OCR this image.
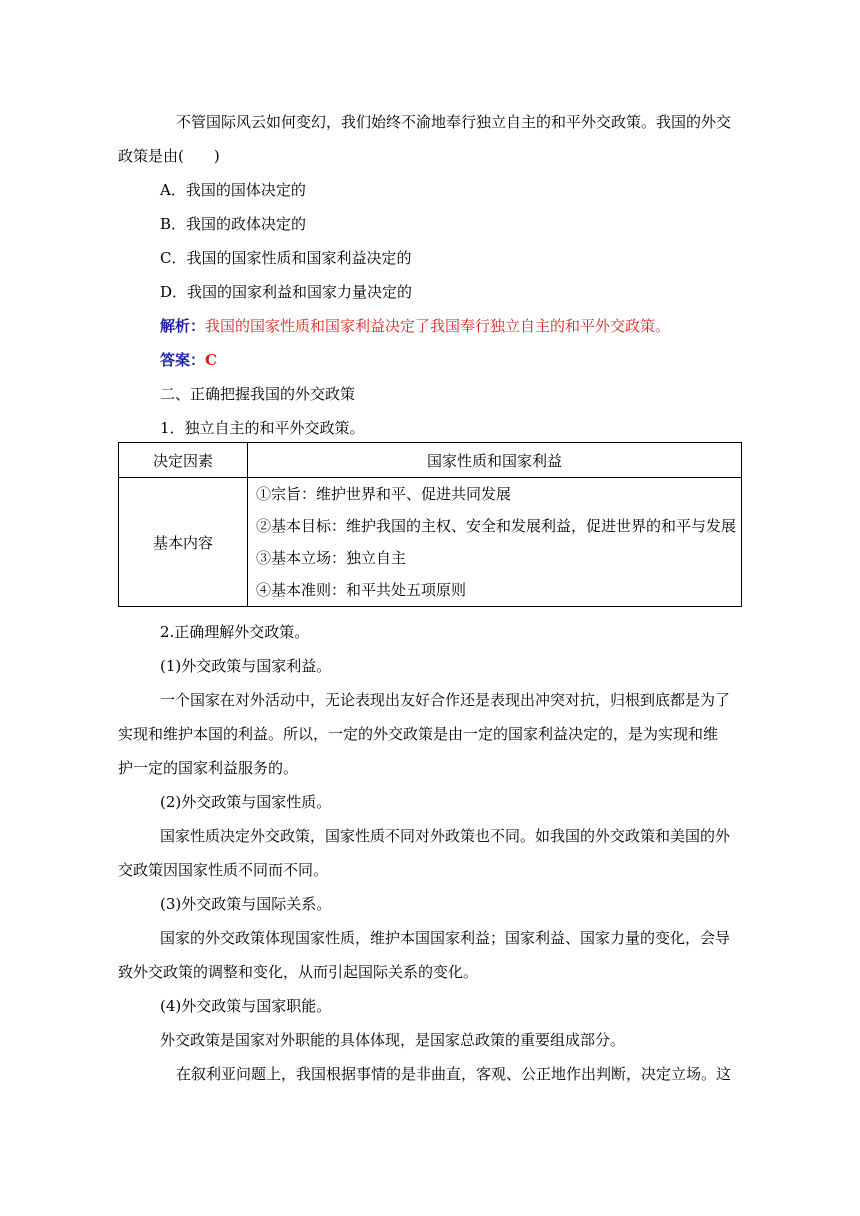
不管国际风云如何变幻，我们始终不渝地奉行独立自主的和平外交政策。我国的外交
政策是由(　　)
A．我国的国体决定的
B．我国的政体决定的
C．我国的国家性质和国家利益决定的
D．我国的国家利益和国家力量决定的
解析：我国的国家性质和国家利益决定了我国奉行独立自主的和平外交政策。
答案：C
二、正确把握我国的外交政策
1．独立自主的和平外交政策。
决定因素	国家性质和国家利益
基本内容	①宗旨：维护世界和平、促进共同发展
②基本目标：维护我国的主权、安全和发展利益，促进世界的和平与发展
③基本立场：独立自主
④基本准则：和平共处五项原则
2.正确理解外交政策。
(1)外交政策与国家利益。
一个国家在对外活动中，无论表现出友好合作还是表现出冲突对抗，归根到底都是为了
实现和维护本国的利益。所以，一定的外交政策是由一定的国家利益决定的，是为实现和维
护一定的国家利益服务的。
(2)外交政策与国家性质。
国家性质决定外交政策，国家性质不同对外政策也不同。如我国的外交政策和美国的外
交政策因国家性质不同而不同。
(3)外交政策与国际关系。
国家的外交政策体现国家性质，维护本国国家利益；国家利益、国家力量的变化，会导
致外交政策的调整和变化，从而引起国际关系的变化。
(4)外交政策与国家职能。
外交政策是国家对外职能的具体体现，是国家总政策的重要组成部分。
在叙利亚问题上，我国根据事情的是非曲直，客观、公正地作出判断，决定立场。这
